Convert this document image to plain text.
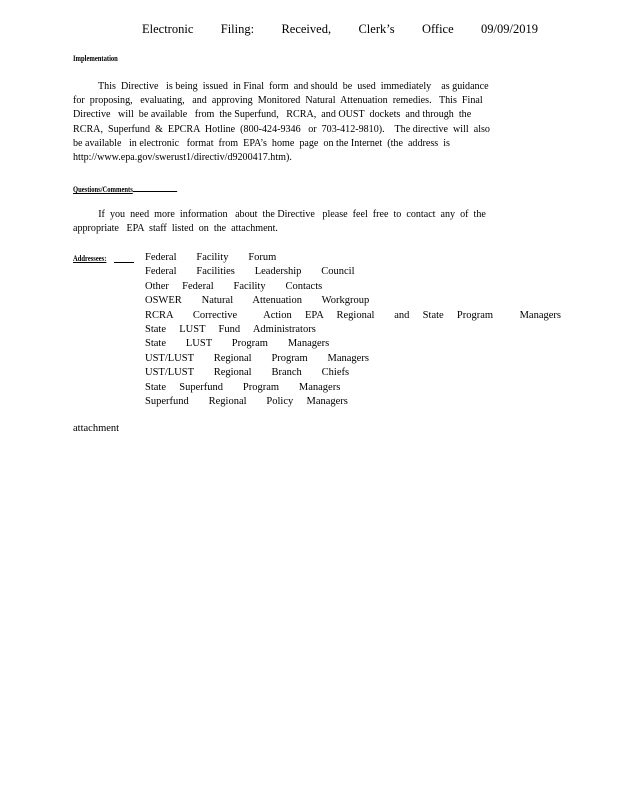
Electronic   Filing:   Received,   Clerk’s   Office   09/09/2019
Implementation
This  Directive   is being  issued  in Final  form  and should  be  used  immediately    as guidance
for  proposing,   evaluating,   and  approving  Monitored  Natural  Attenuation  remedies.   This  Final
Directive   will  be available   from  the Superfund,   RCRA,  and OUST  dockets  and through  the
RCRA,  Superfund  &  EPCRA  Hotline  (800-424-9346   or  703-412-9810).    The directive  will  also
be available   in electronic   format  from  EPA’s  home  page  on the Internet  (the  address  is
http://www.epa.gov/swerust1/directiv/d9200417.htm).
Questions/Comments
If  you  need  more  information   about  the Directive   please  feel  free  to  contact  any  of  the
appropriate   EPA  staff  listed  on  the  attachment.
Addressees:	Federal   Facility   Forum
Federal   Facilities   Leadership   Council
Other  Federal   Facility   Contacts
OSWER   Natural   Attenuation   Workgroup
RCRA   Corrective    Action  EPA  Regional   and  State  Program    Managers
State  LUST  Fund  Administrators
State   LUST   Program   Managers
UST/LUST   Regional   Program   Managers
UST/LUST   Regional   Branch   Chiefs
State  Superfund   Program   Managers
Superfund   Regional   Policy  Managers
attachment
